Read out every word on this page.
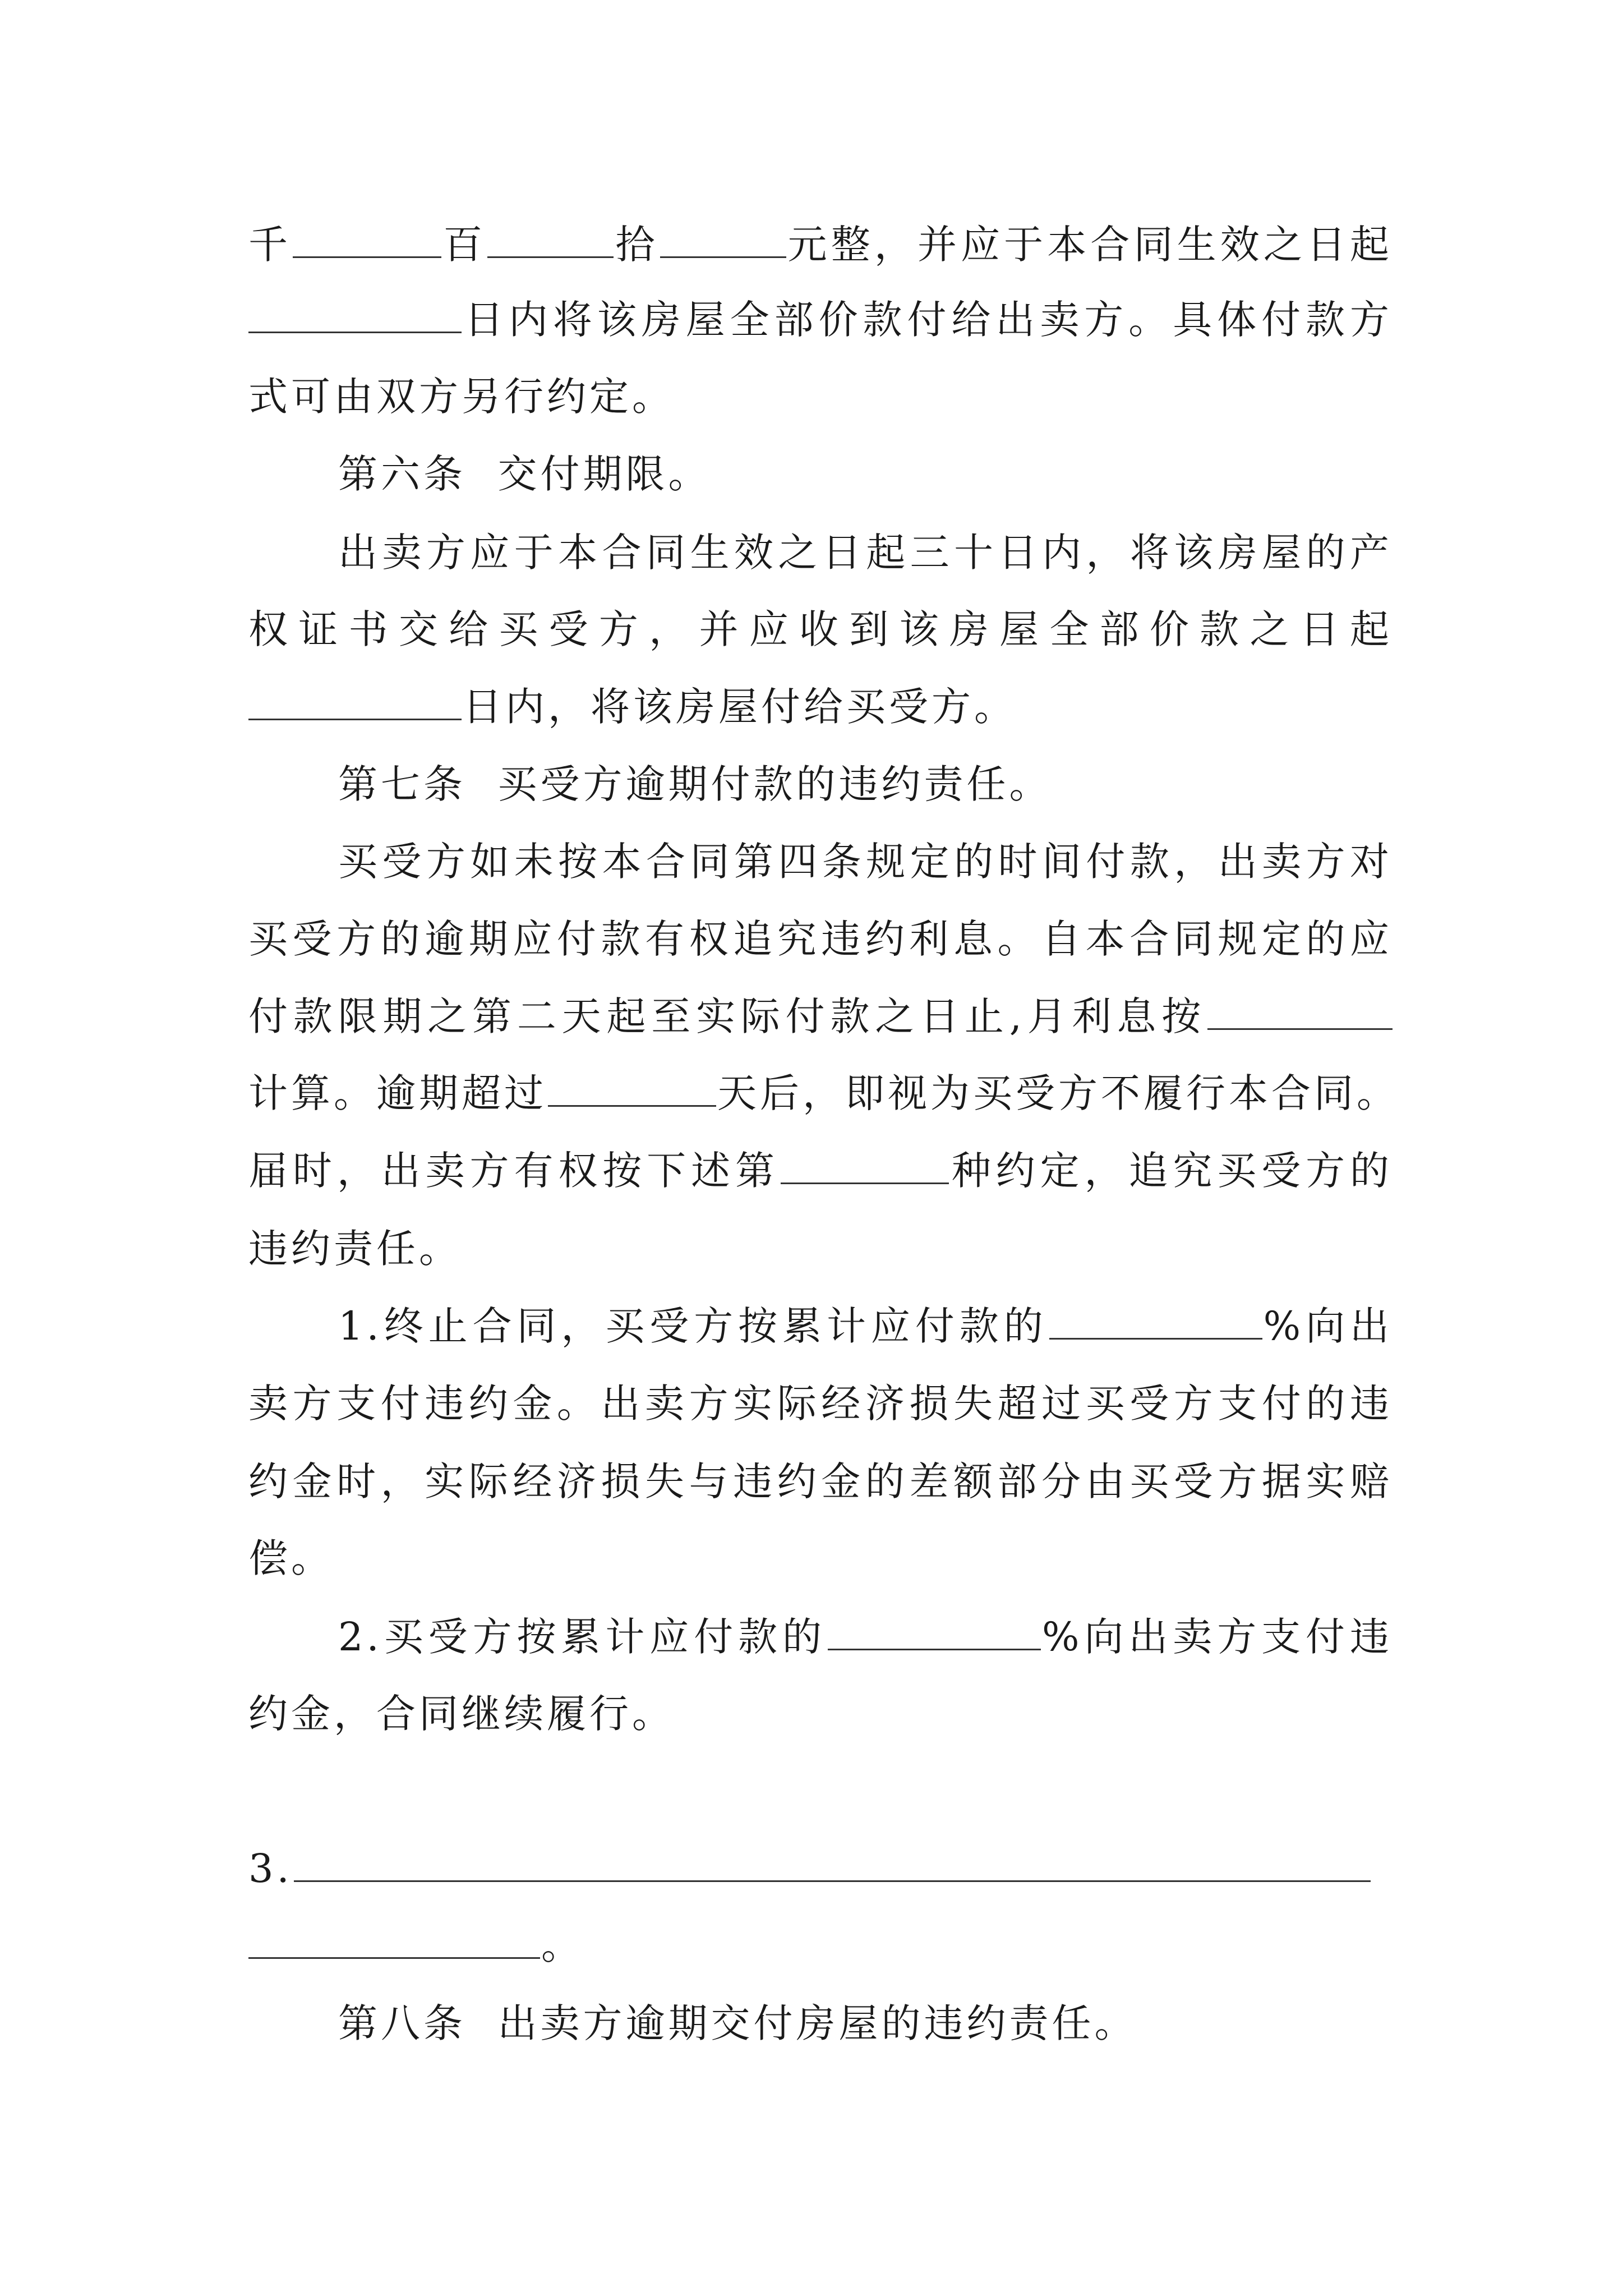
千	百	拾	元整，并应于本合同生效之日起
日内将该房屋全部价款付给出卖方。具体付款方
式可由双方另行约定。
第六条  交付期限。
出卖方应于本合同生效之日起三十日内，将该房屋的产
权证书交给买受方，并应收到该房屋全部价款之日起
日内，将该房屋付给买受方。
第七条  买受方逾期付款的违约责任。
买受方如未按本合同第四条规定的时间付款，出卖方对
买受方的逾期应付款有权追究违约利息。自本合同规定的应
付款限期之第二天起至实际付款之日止,月利息按
计算。逾期超过	天后，即视为买受方不履行本合同。
届时，出卖方有权按下述第	种约定，追究买受方的
违约责任。
1.终止合同，买受方按累计应付款的	%向出
卖方支付违约金。出卖方实际经济损失超过买受方支付的违
约金时，实际经济损失与违约金的差额部分由买受方据实赔
偿。
2.买受方按累计应付款的	%向出卖方支付违
约金，合同继续履行。
3.
。
第八条  出卖方逾期交付房屋的违约责任。
